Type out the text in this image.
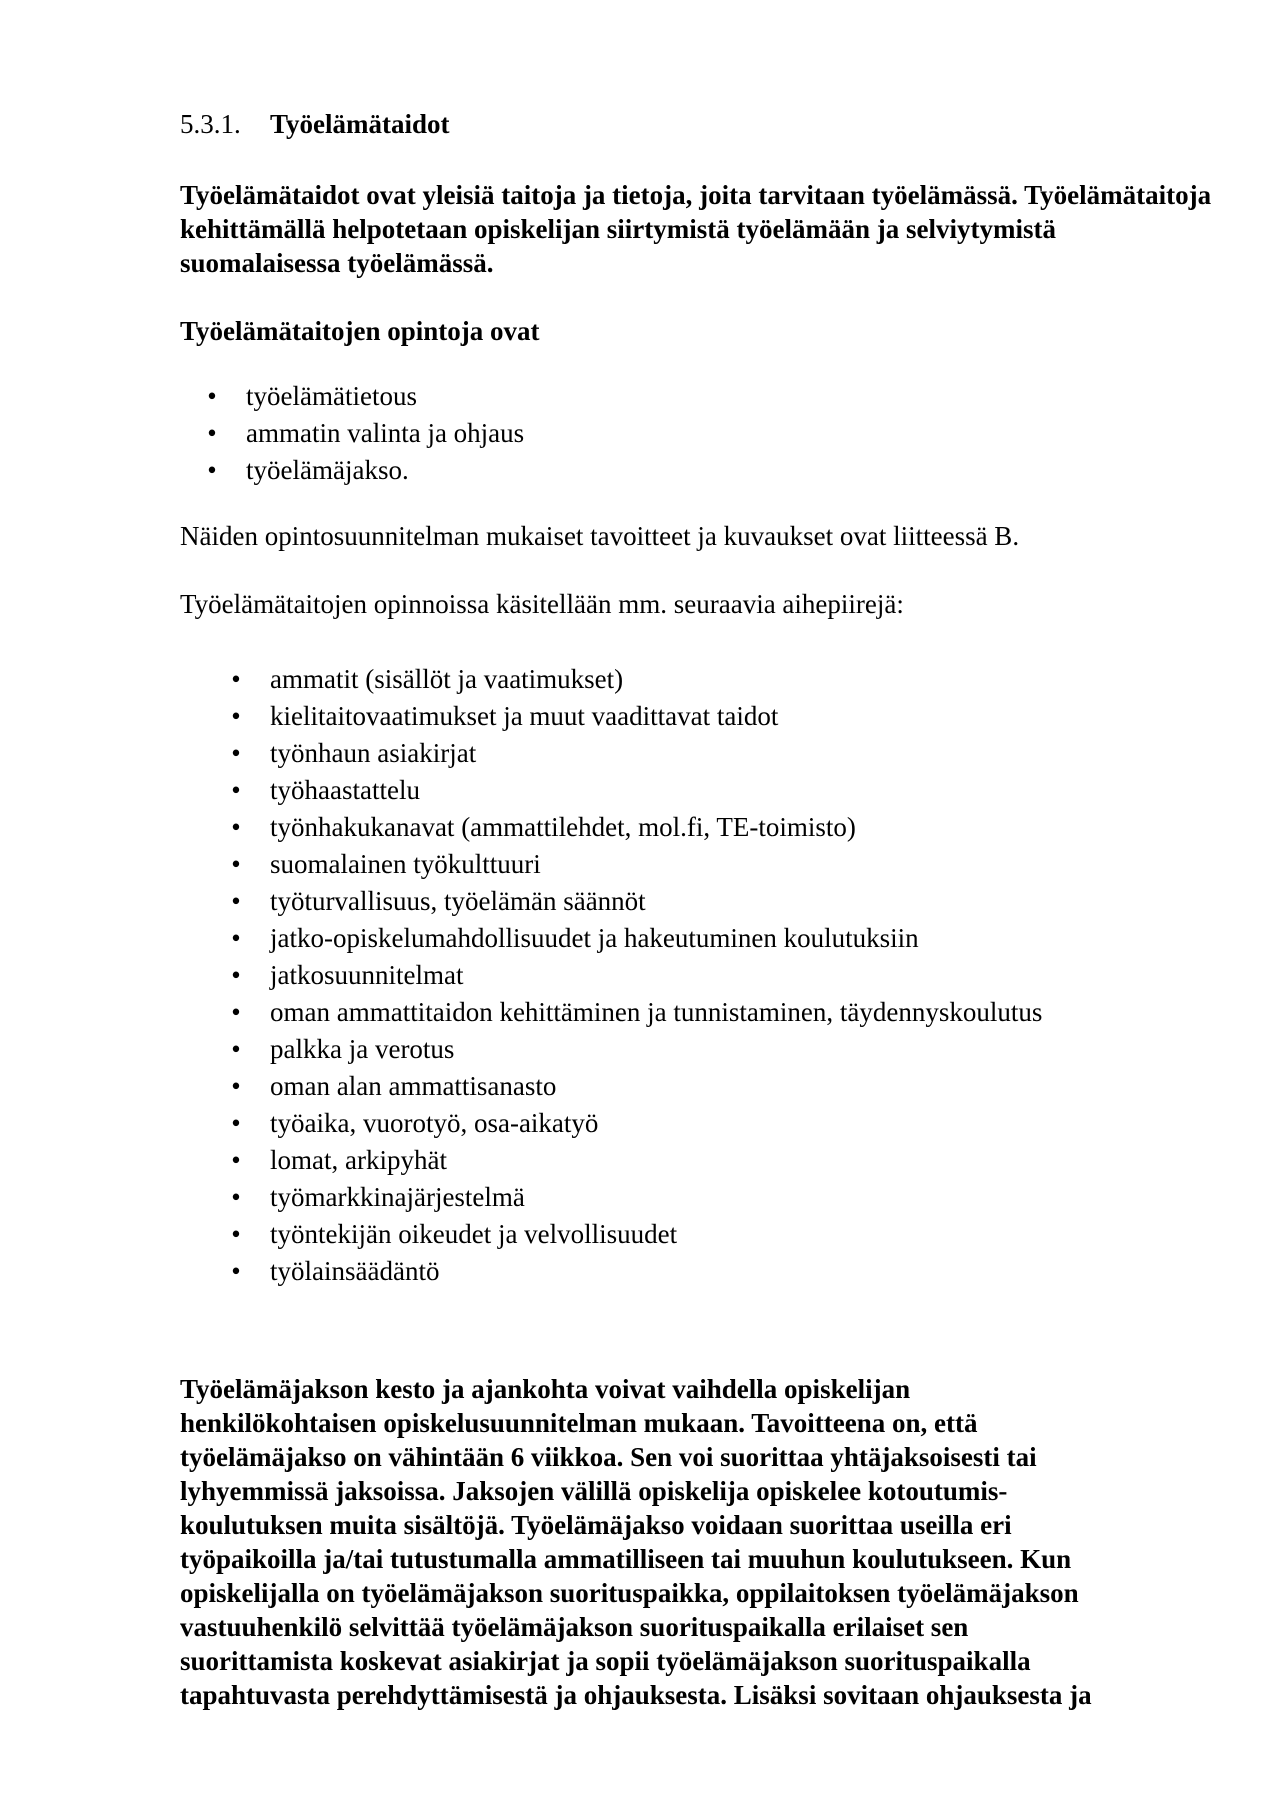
5.3.1. Työelämätaidot

Työelämätaidot ovat yleisiä taitoja ja tietoja, joita tarvitaan työelämässä. Työelämätaitoja kehittämällä helpotetaan opiskelijan siirtymistä työelämään ja selviytymistä suomalaisessa työelämässä.

Työelämätaitojen opintoja ovat

• työelämätietous
• ammatin valinta ja ohjaus
• työelämäjakso.

Näiden opintosuunnitelman mukaiset tavoitteet ja kuvaukset ovat liitteessä B.

Työelämätaitojen opinnoissa käsitellään mm. seuraavia aihepiirejä:

• ammatit (sisällöt ja vaatimukset)
• kielitaitovaatimukset ja muut vaadittavat taidot
• työnhaun asiakirjat
• työhaastattelu
• työnhakukanavat (ammattilehdet, mol.fi, TE-toimisto)
• suomalainen työkulttuuri
• työturvallisuus, työelämän säännöt
• jatko-opiskelumahdollisuudet ja hakeutuminen koulutuksiin
• jatkosuunnitelmat
• oman ammattitaidon kehittäminen ja tunnistaminen, täydennyskoulutus
• palkka ja verotus
• oman alan ammattisanasto
• työaika, vuorotyö, osa-aikatyö
• lomat, arkipyhät
• työmarkkinajärjestelmä
• työntekijän oikeudet ja velvollisuudet
• työlainsäädäntö
Työelämäjakson kesto ja ajankohta voivat vaihdella opiskelijan
henkilökohtaisen opiskelusuunnitelman mukaan. Tavoitteena on, että
työelämäjakso on vähintään 6 viikkoa. Sen voi suorittaa yhtäjaksoisesti tai
lyhyemmissä jaksoissa. Jaksojen välillä opiskelija opiskelee kotoutumis-
koulutuksen muita sisältöjä. Työelämäjakso voidaan suorittaa useilla eri
työpaikoilla ja/tai tutustumalla ammatilliseen tai muuhun koulutukseen. Kun
opiskelijalla on työelämäjakson suorituspaikka, oppilaitoksen työelämäjakson
vastuuhenkilö selvittää työelämäjakson suorituspaikalla erilaiset sen
suorittamista koskevat asiakirjat ja sopii työelämäjakson suorituspaikalla
tapahtuvasta perehdyttämisestä ja ohjauksesta. Lisäksi sovitaan ohjauksesta ja
